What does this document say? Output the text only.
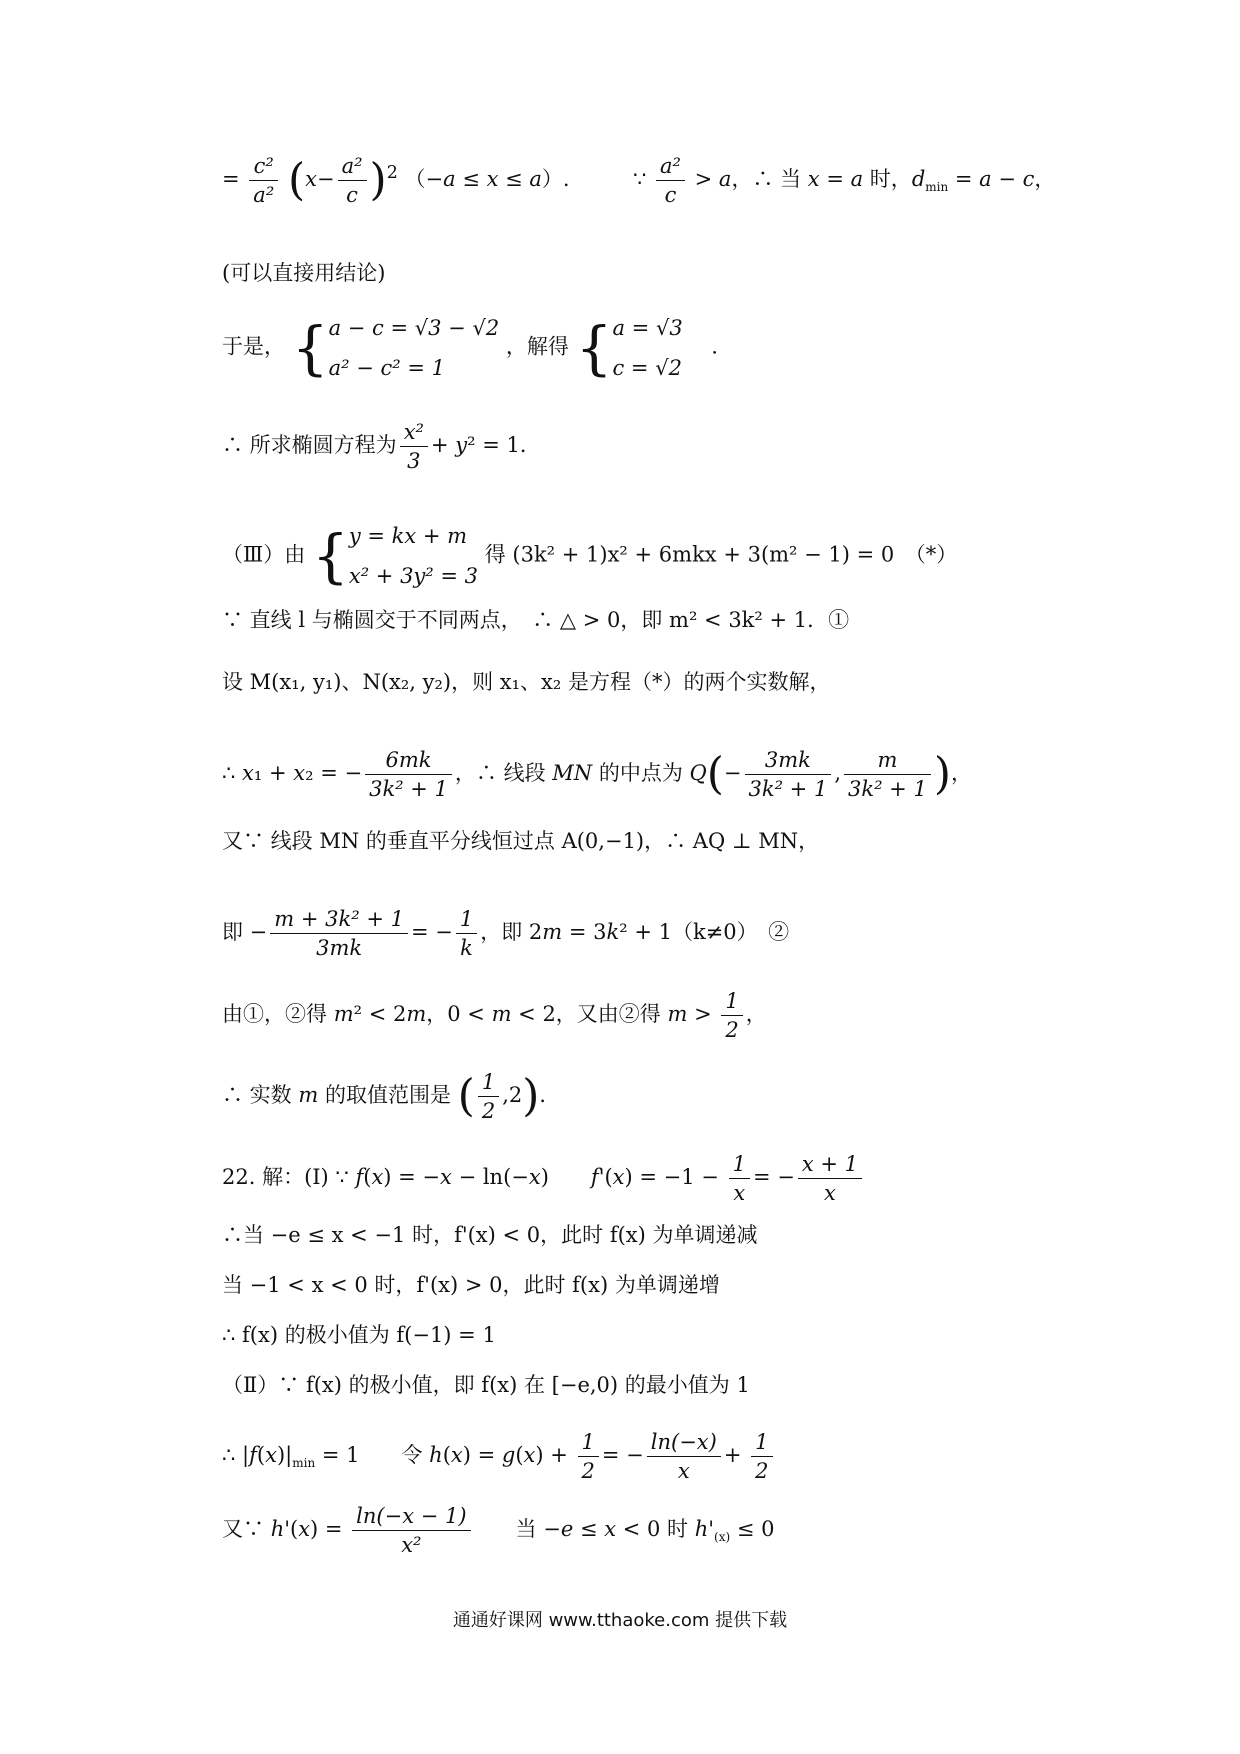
= $\frac{\text{c²}}{\text{a²}} (x- \frac{\text{a²}}{c} )^2$ （−a ≤ x ≤ a）.  ∵ $\frac{\text{a²}}{c} > a$，∴ 当 x = a 时，$d_{min} = a - c$，
(可以直接用结论)
于是， { a − c = √3 − √2
a² − c² = 1
，解得 { a = √3
c = √2
．
∴ 所求椭圆方程为 $\frac{\text{x²}}{3} + y^2 = 1$．
（Ⅲ）由 { y = kx + m
x² + 3y² = 3
得 (3k² + 1)x² + 6mkx + 3(m² − 1) = 0　（*）
∵ 直线 l 与椭圆交于不同两点，　∴ △ > 0，即 m² < 3k² + 1．①
设 M(x₁, y₁)、N(x₂, y₂)，则 x₁、x₂ 是方程（*）的两个实数解，
∴ x₁ + x₂ = − $\frac{6mk}{\text{3k² + 1}}$ ，∴ 线段 MN 的中点为 $Q(- \frac{3mk}{\text{3k² + 1}}$ , $\frac{m}{\text{3k² + 1}}$ )，
又∵ 线段 MN 的垂直平分线恒过点 A(0,−1)，∴ AQ ⊥ MN，
即 − $\frac{\text{m + 3k² + 1}}{3mk}$ = − $\frac{1}{k}$ ，即 2m = 3k² + 1（k≠0）　②
由①，②得 m² < 2m，0 < m < 2，又由②得 $m > \frac{1}{2}$ ，
∴ 实数 m 的取值范围是 ( $\frac{1}{2} ,2$)．
22. 解：(Ⅰ) ∵ f(x) = −x − ln(−x)　　$f'(x) = -1 - \frac{1}{x}$ = − $\frac{x + 1}{x}$
∴当 −e ≤ x < −1 时，f'(x) < 0，此时 f(x) 为单调递减
当 −1 < x < 0 时，f'(x) > 0，此时 f(x) 为单调递增
∴ f(x) 的极小值为 f(−1) = 1
（Ⅱ）∵ f(x) 的极小值，即 f(x) 在 [−e,0) 的最小值为 1
∴ $|f(x)|_{min} = 1$　　令 $h(x) = g(x) + \frac{1}{2}$ = − $\frac{\ln(-x)}{x} + \frac{1}{2}$
又∵ $h'(x) = \frac{\ln(-x - 1)}{\text{x²}}$ 　　当 −e ≤ x < 0 时 $h'_{(x)} \le 0$
通通好课网 www.tthaoke.com 提供下载
